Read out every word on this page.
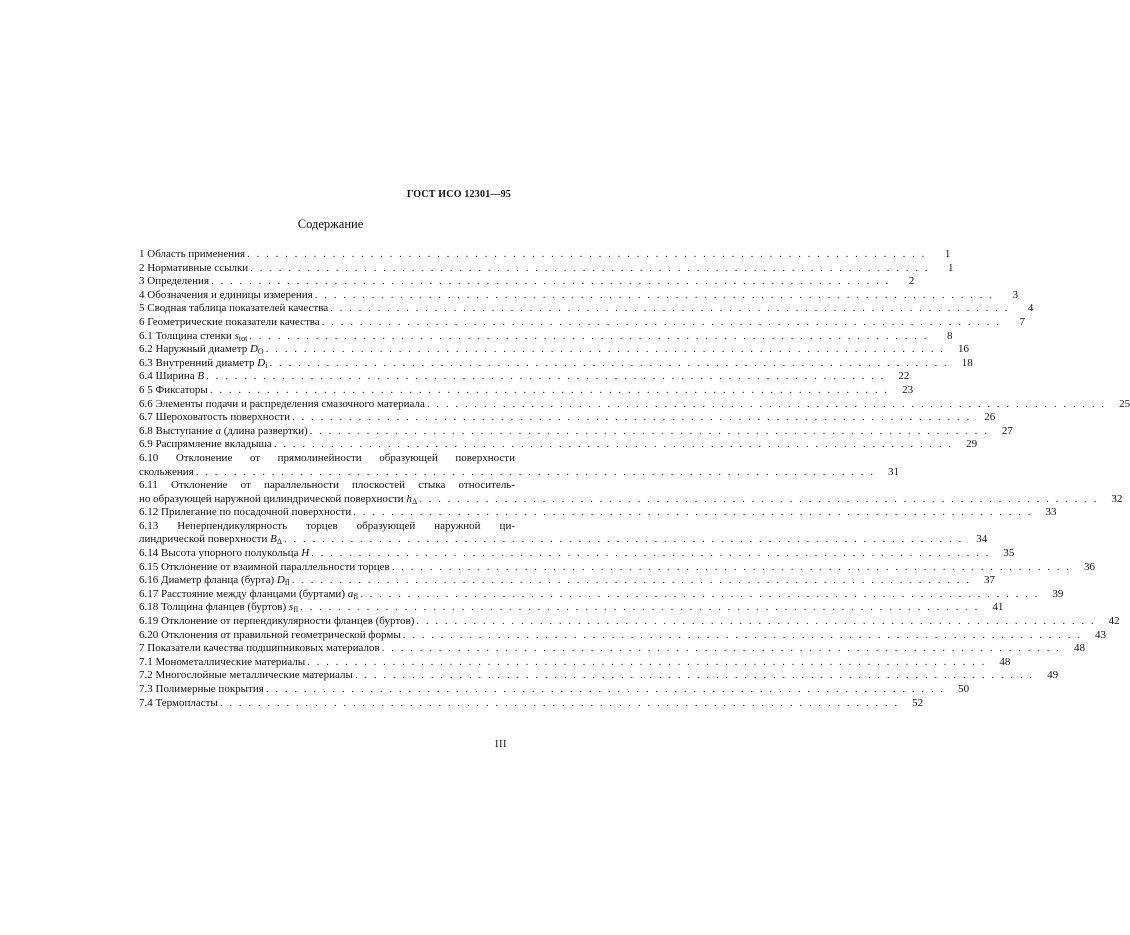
ГОСТ ИСО 12301—95
Содержание
1 Область применения . . . . . . . . . . . . . . . . . . . . . . . . . . . . . . . . . . . . . . . . . . . . . . . . . . . . . . . . . . . . . . . . . . . . . . . .	1
2 Нормативные ссылки . . . . . . . . . . . . . . . . . . . . . . . . . . . . . . . . . . . . . . . . . . . . . . . . . . . . . . . . . . . . . . . . . . . . . . . .	1
3 Определения . . . . . . . . . . . . . . . . . . . . . . . . . . . . . . . . . . . . . . . . . . . . . . . . . . . . . . . . . . . . . . . . . . . . . . . .	2
4 Обозначения и единицы измерения . . . . . . . . . . . . . . . . . . . . . . . . . . . . . . . . . . . . . . . . . . . . . . . . . . . . . . . . . . . . . . . . . . . . . . . .	3
5 Сводная таблица показателей качества . . . . . . . . . . . . . . . . . . . . . . . . . . . . . . . . . . . . . . . . . . . . . . . . . . . . . . . . . . . . . . . . . . . . . . . .	4
6 Геометрические показатели качества . . . . . . . . . . . . . . . . . . . . . . . . . . . . . . . . . . . . . . . . . . . . . . . . . . . . . . . . . . . . . . . . . . . . . . . .	7
6.1 Толщина стенки stot . . . . . . . . . . . . . . . . . . . . . . . . . . . . . . . . . . . . . . . . . . . . . . . . . . . . . . . . . . . . . . . . . . . . . . . .	8
6.2 Наружный диаметр DO . . . . . . . . . . . . . . . . . . . . . . . . . . . . . . . . . . . . . . . . . . . . . . . . . . . . . . . . . . . . . . . . . . . . . . . .	16
6.3 Внутренний диаметр Di . . . . . . . . . . . . . . . . . . . . . . . . . . . . . . . . . . . . . . . . . . . . . . . . . . . . . . . . . . . . . . . . . . . . . . . .	18
6.4 Ширина B . . . . . . . . . . . . . . . . . . . . . . . . . . . . . . . . . . . . . . . . . . . . . . . . . . . . . . . . . . . . . . . . . . . . . . . .	22
6 5 Фиксаторы . . . . . . . . . . . . . . . . . . . . . . . . . . . . . . . . . . . . . . . . . . . . . . . . . . . . . . . . . . . . . . . . . . . . . . . .	23
6.6 Элементы подачи и распределения смазочного материала . . . . . . . . . . . . . . . . . . . . . . . . . . . . . . . . . . . . . . . . . . . . . . . . . . . . . . . . . . . . . . . . . . . . . . . .	25
6.7 Шероховатость поверхности . . . . . . . . . . . . . . . . . . . . . . . . . . . . . . . . . . . . . . . . . . . . . . . . . . . . . . . . . . . . . . . . . . . . . . . .	26
6.8 Выступание a (длина развертки) . . . . . . . . . . . . . . . . . . . . . . . . . . . . . . . . . . . . . . . . . . . . . . . . . . . . . . . . . . . . . . . . . . . . . . . .	27
6.9 Распрямление вкладыша . . . . . . . . . . . . . . . . . . . . . . . . . . . . . . . . . . . . . . . . . . . . . . . . . . . . . . . . . . . . . . . . . . . . . . . .	29
6.10 Отклонение от прямолинейности образующей поверхности
скольжения . . . . . . . . . . . . . . . . . . . . . . . . . . . . . . . . . . . . . . . . . . . . . . . . . . . . . . . . . . . . . . . . . . . . . . . .	31
6.11 Отклонение от параллельности плоскостей стыка относитель-
но образующей наружной цилиндрической поверхности hΔ . . . . . . . . . . . . . . . . . . . . . . . . . . . . . . . . . . . . . . . . . . . . . . . . . . . . . . . . . . . . . . . . . . . . . . . .	32
6.12 Прилегание по посадочной поверхности . . . . . . . . . . . . . . . . . . . . . . . . . . . . . . . . . . . . . . . . . . . . . . . . . . . . . . . . . . . . . . . . . . . . . . . .	33
6.13 Неперпендикулярность торцев образующей наружной ци-
линдрической поверхности BΔ . . . . . . . . . . . . . . . . . . . . . . . . . . . . . . . . . . . . . . . . . . . . . . . . . . . . . . . . . . . . . . . . . . . . . . . .	34
6.14 Высота упорного полукольца H . . . . . . . . . . . . . . . . . . . . . . . . . . . . . . . . . . . . . . . . . . . . . . . . . . . . . . . . . . . . . . . . . . . . . . . .	35
6.15 Отклонение от взаимной параллельности торцев . . . . . . . . . . . . . . . . . . . . . . . . . . . . . . . . . . . . . . . . . . . . . . . . . . . . . . . . . . . . . . . . . . . . . . . .	36
6.16 Диаметр фланца (бурта) Dfl . . . . . . . . . . . . . . . . . . . . . . . . . . . . . . . . . . . . . . . . . . . . . . . . . . . . . . . . . . . . . . . . . . . . . . . .	37
6.17 Расстояние между фланцами (буртами) afl . . . . . . . . . . . . . . . . . . . . . . . . . . . . . . . . . . . . . . . . . . . . . . . . . . . . . . . . . . . . . . . . . . . . . . . .	39
6.18 Толщина фланцев (буртов) sfl . . . . . . . . . . . . . . . . . . . . . . . . . . . . . . . . . . . . . . . . . . . . . . . . . . . . . . . . . . . . . . . . . . . . . . . .	41
6.19 Отклонение от перпендикулярности фланцев (буртов) . . . . . . . . . . . . . . . . . . . . . . . . . . . . . . . . . . . . . . . . . . . . . . . . . . . . . . . . . . . . . . . . . . . . . . . .	42
6.20 Отклонения от правильной геометрической формы . . . . . . . . . . . . . . . . . . . . . . . . . . . . . . . . . . . . . . . . . . . . . . . . . . . . . . . . . . . . . . . . . . . . . . . .	43
7 Показатели качества подшипниковых материалов . . . . . . . . . . . . . . . . . . . . . . . . . . . . . . . . . . . . . . . . . . . . . . . . . . . . . . . . . . . . . . . . . . . . . . . .	48
7.1 Монометаллические материалы . . . . . . . . . . . . . . . . . . . . . . . . . . . . . . . . . . . . . . . . . . . . . . . . . . . . . . . . . . . . . . . . . . . . . . . .	48
7.2 Многослойные металлические материалы . . . . . . . . . . . . . . . . . . . . . . . . . . . . . . . . . . . . . . . . . . . . . . . . . . . . . . . . . . . . . . . . . . . . . . . .	49
7.3 Полимерные покрытия . . . . . . . . . . . . . . . . . . . . . . . . . . . . . . . . . . . . . . . . . . . . . . . . . . . . . . . . . . . . . . . . . . . . . . . .	50
7.4 Термопласты . . . . . . . . . . . . . . . . . . . . . . . . . . . . . . . . . . . . . . . . . . . . . . . . . . . . . . . . . . . . . . . . . . . . . . . .	52
III
